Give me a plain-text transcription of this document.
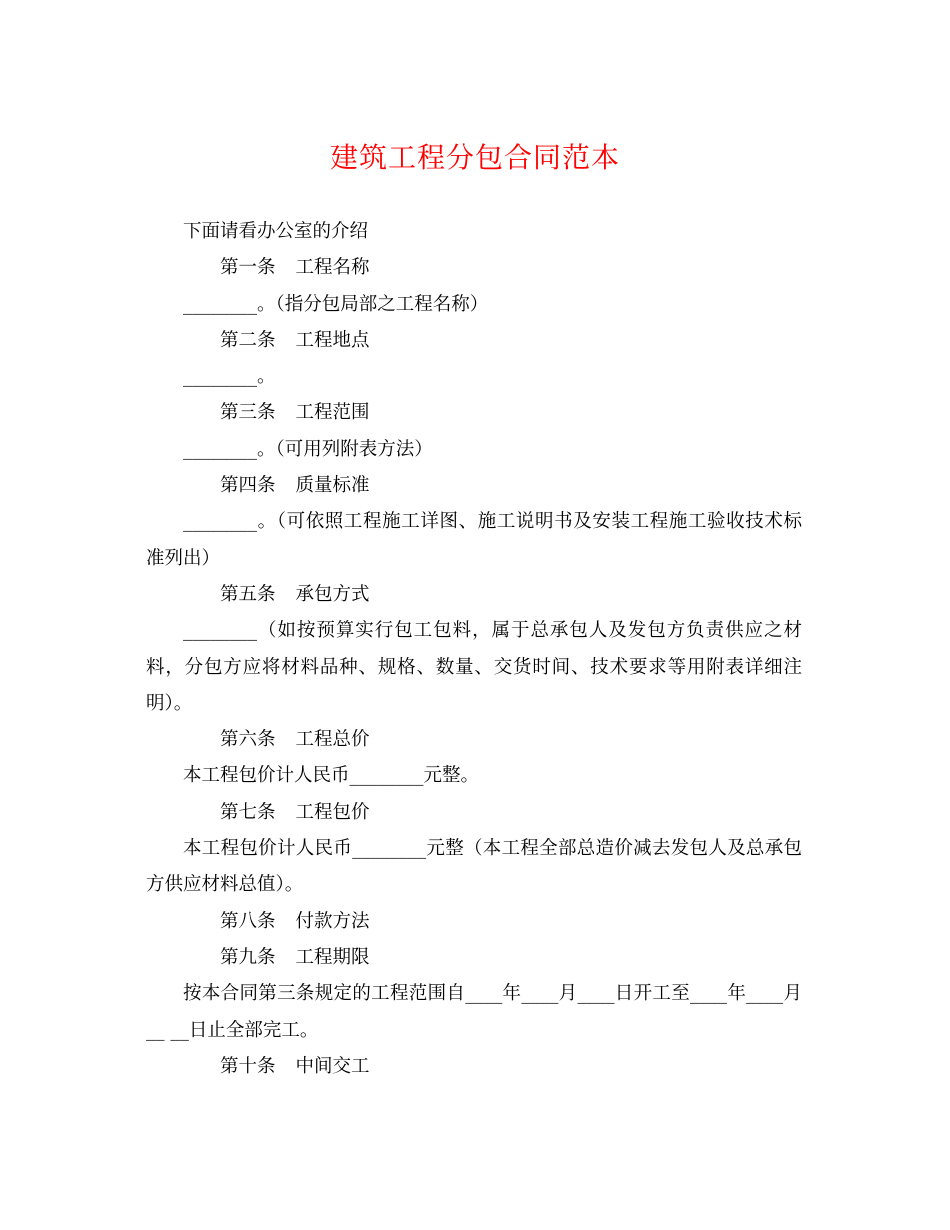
建筑工程分包合同范本

下面请看办公室的介绍

第一条 工程名称

________。（指分包局部之工程名称）

第二条 工程地点

________。

第三条 工程范围

________。（可用列附表方法）

第四条 质量标准

________。（可依照工程施工详图、施工说明书及安装工程施工验收技术标准列出）

第五条 承包方式

________（如按预算实行包工包料，属于总承包人及发包方负责供应之材料，分包方应将材料品种、规格、数量、交货时间、技术要求等用附表详细注明）。

第六条 工程总价

本工程包价计人民币________元整。

第七条 工程包价

本工程包价计人民币________元整（本工程全部总造价减去发包人及总承包方供应材料总值）。

第八条 付款方法

第九条 工程期限

按本合同第三条规定的工程范围自____年____月____日开工至____年____月__ __日止全部完工。

第十条 中间交工
